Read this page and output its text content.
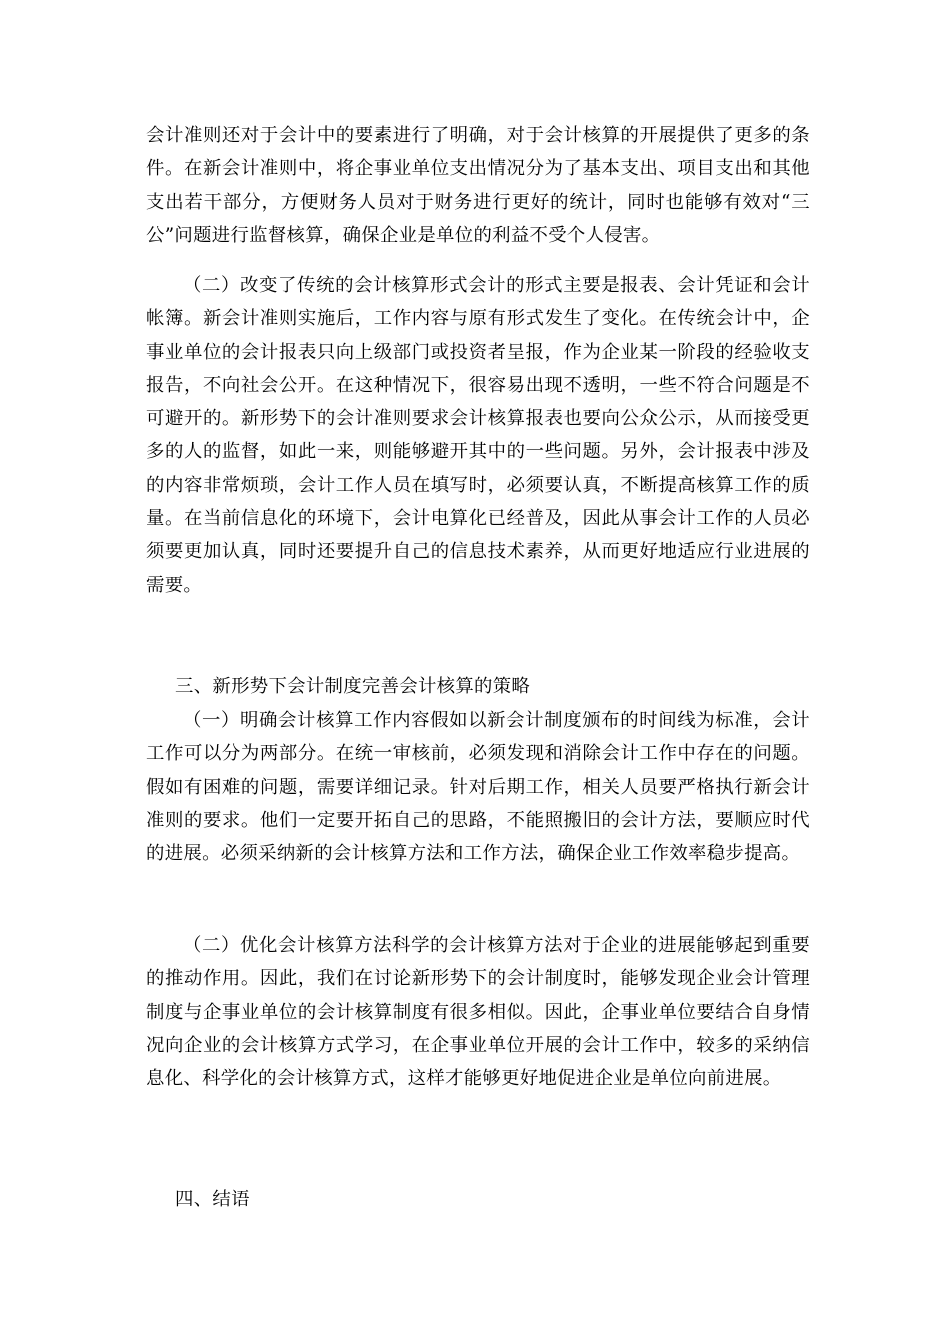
会计准则还对于会计中的要素进行了明确，对于会计核算的开展提供了更多的条件。在新会计准则中，将企事业单位支出情况分为了基本支出、项目支出和其他支出若干部分，方便财务人员对于财务进行更好的统计，同时也能够有效对“三公”问题进行监督核算，确保企业是单位的利益不受个人侵害。

（二）改变了传统的会计核算形式会计的形式主要是报表、会计凭证和会计帐簿。新会计准则实施后，工作内容与原有形式发生了变化。在传统会计中，企事业单位的会计报表只向上级部门或投资者呈报，作为企业某一阶段的经验收支报告，不向社会公开。在这种情况下，很容易出现不透明，一些不符合问题是不可避开的。新形势下的会计准则要求会计核算报表也要向公众公示，从而接受更多的人的监督，如此一来，则能够避开其中的一些问题。另外，会计报表中涉及的内容非常烦琐，会计工作人员在填写时，必须要认真，不断提高核算工作的质量。在当前信息化的环境下，会计电算化已经普及，因此从事会计工作的人员必须要更加认真，同时还要提升自己的信息技术素养，从而更好地适应行业进展的需要。

三、新形势下会计制度完善会计核算的策略

（一）明确会计核算工作内容假如以新会计制度颁布的时间线为标准，会计工作可以分为两部分。在统一审核前，必须发现和消除会计工作中存在的问题。假如有困难的问题，需要详细记录。针对后期工作，相关人员要严格执行新会计准则的要求。他们一定要开拓自己的思路，不能照搬旧的会计方法，要顺应时代的进展。必须采纳新的会计核算方法和工作方法，确保企业工作效率稳步提高。

（二）优化会计核算方法科学的会计核算方法对于企业的进展能够起到重要的推动作用。因此，我们在讨论新形势下的会计制度时，能够发现企业会计管理制度与企事业单位的会计核算制度有很多相似。因此，企事业单位要结合自身情况向企业的会计核算方式学习，在企事业单位开展的会计工作中，较多的采纳信息化、科学化的会计核算方式，这样才能够更好地促进企业是单位向前进展。

四、结语
